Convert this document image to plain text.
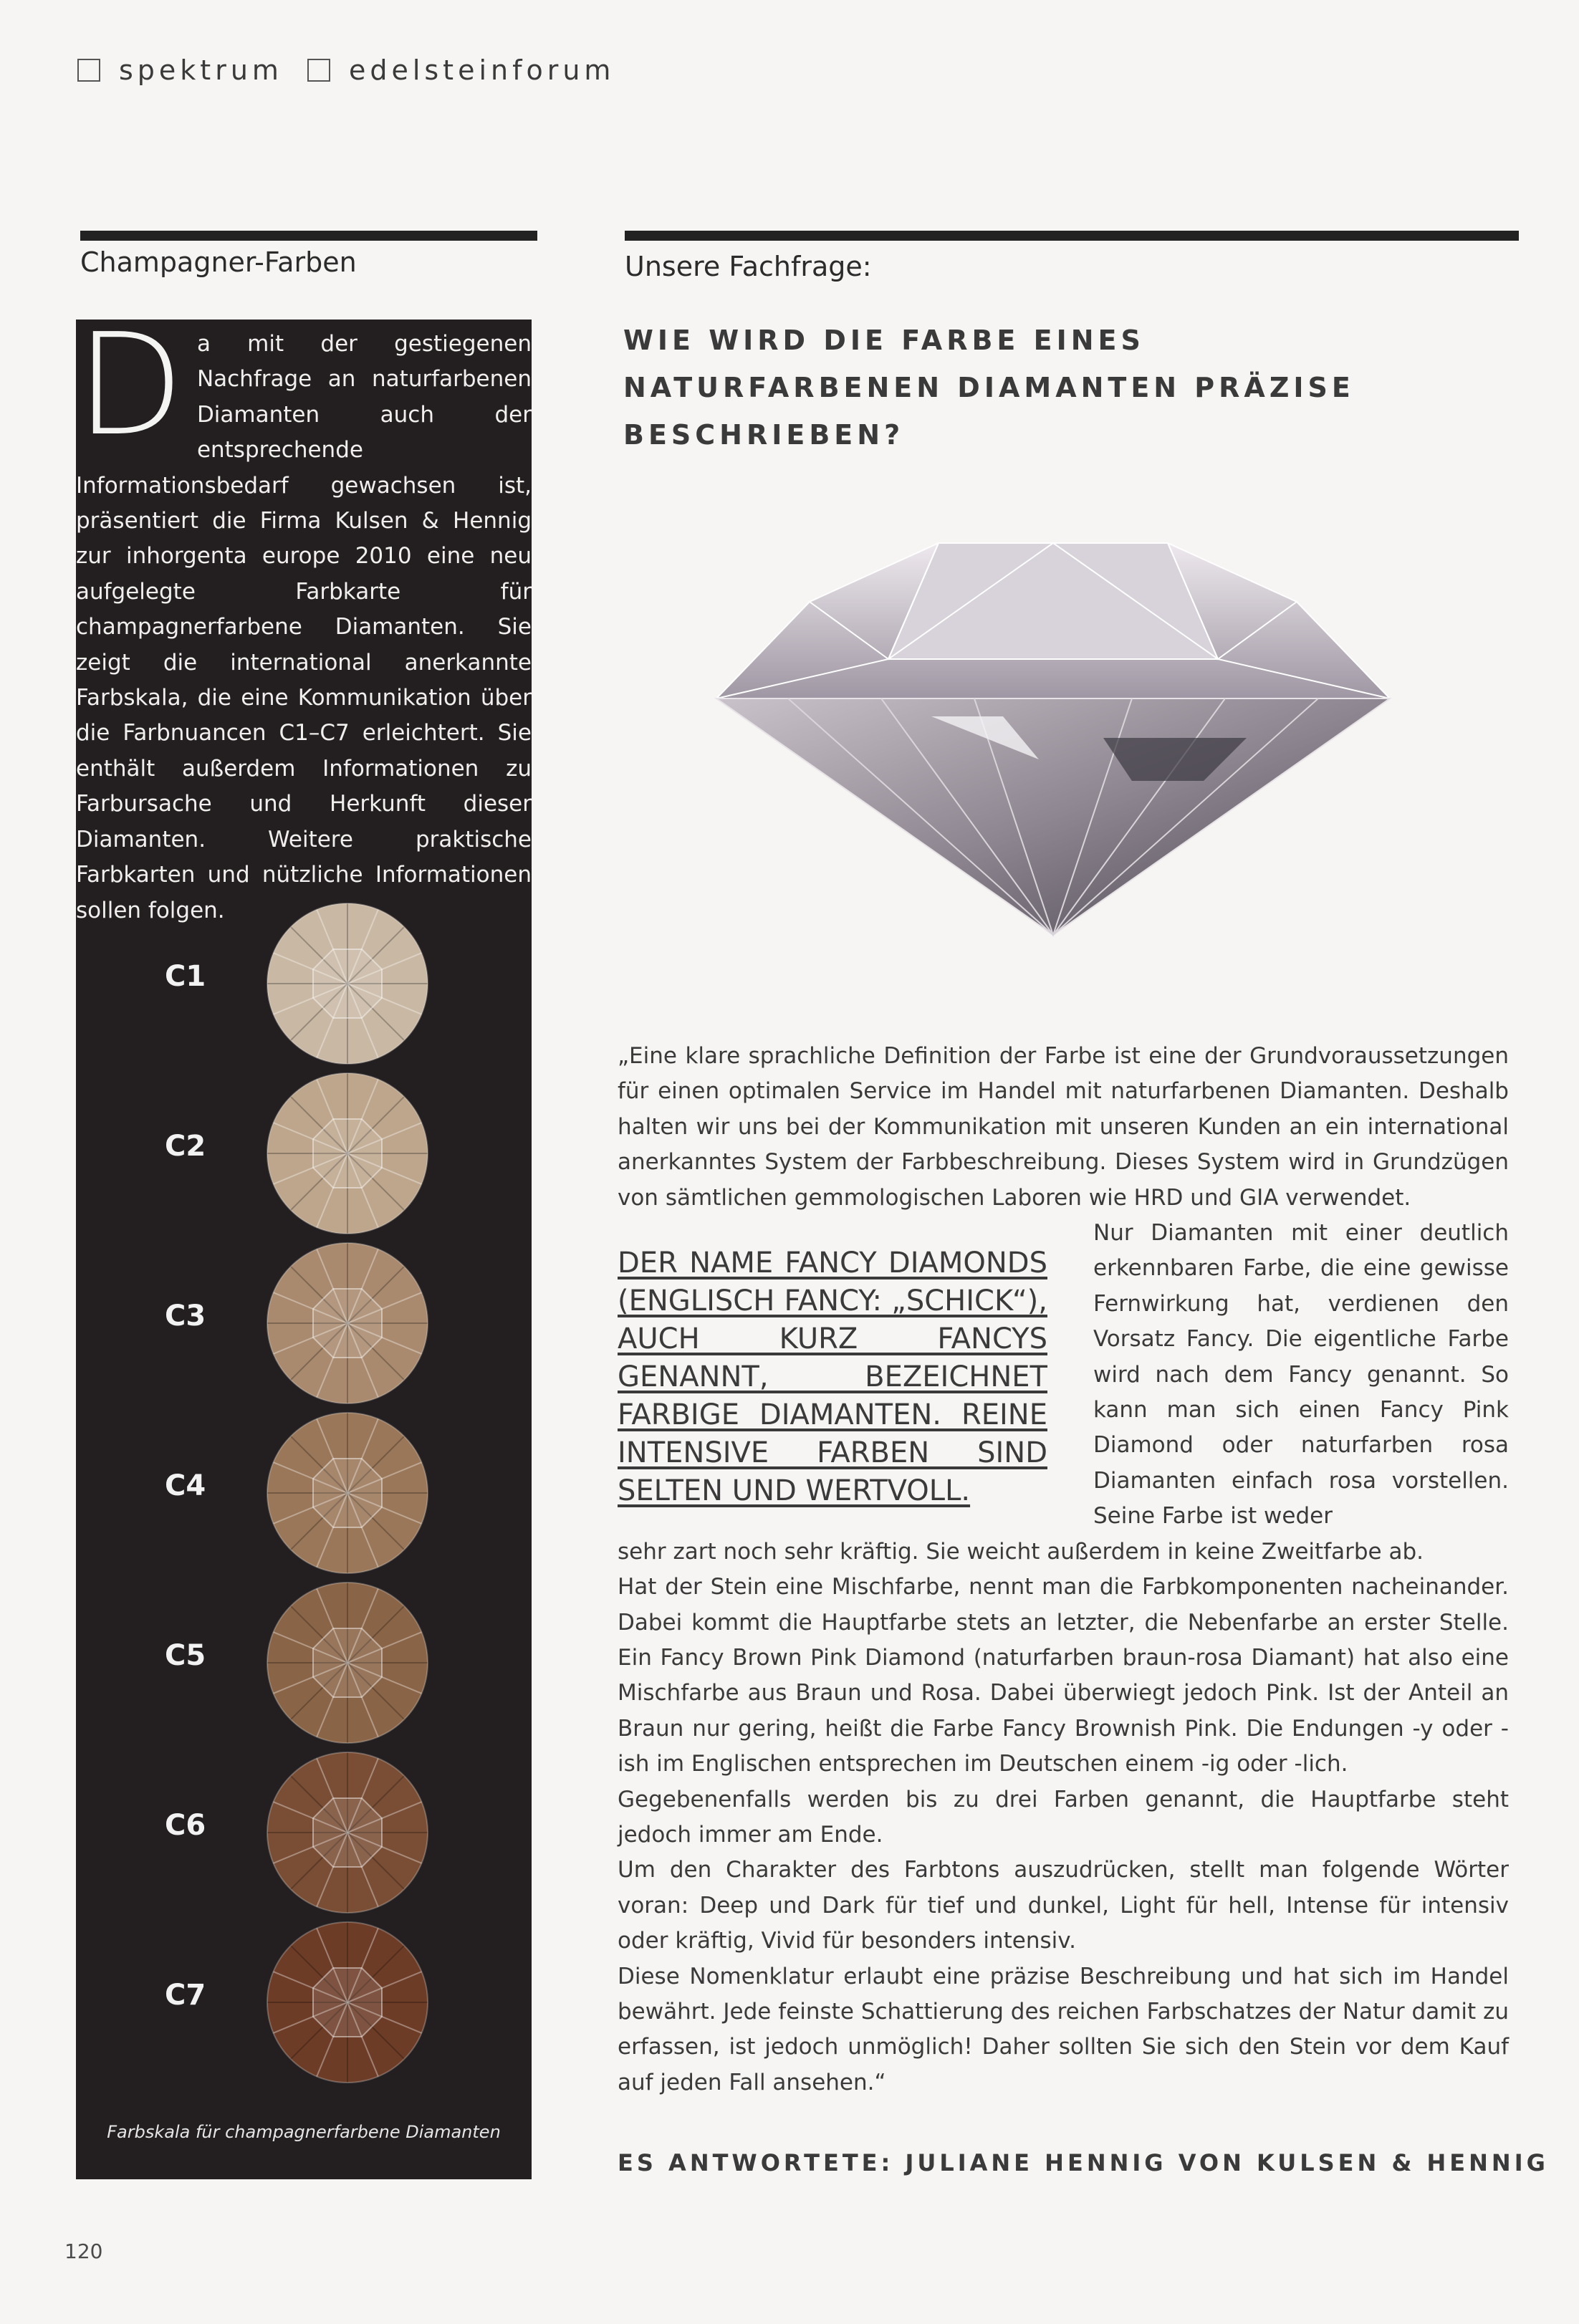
spektrum edelsteinforum
Champagner-Farben	Unsere Fachfrage:
WIE WIRD DIE FARBE EINES NATURFARBENEN DIAMANTEN PRÄZISE BESCHRIEBEN?
Da mit der gestiegenen Nachfrage an naturfarbenen Diamanten auch der entsprechende Informationsbedarf gewachsen ist, präsentiert die Firma Kulsen & Hennig zur inhorgenta europe 2010 eine neu aufgelegte Farbkarte für champagnerfarbene Diamanten. Sie zeigt die international anerkannte Farbskala, die eine Kommunikation über die Farbnuancen C1–C7 erleichtert. Sie enthält außerdem Informationen zu Farbursache und Herkunft dieser Diamanten. Weitere praktische Farbkarten und nützliche Informationen sollen folgen.
C1
C2
C3
C4
C5
C6
C7
Farbskala für champagnerfarbene Diamanten

„Eine klare sprachliche Definition der Farbe ist eine der Grundvoraussetzungen für einen optimalen Service im Handel mit naturfarbenen Diamanten. Deshalb halten wir uns bei der Kommunikation mit unseren Kunden an ein international anerkanntes System der Farbbeschreibung. Dieses System wird in Grundzügen von sämtlichen gemmologischen Laboren wie HRD und GIA verwendet.

Nur Diamanten mit einer deutlich erkennbaren Farbe, die eine gewisse Fernwirkung hat, verdienen den Vorsatz Fancy. Die eigentliche Farbe wird nach dem Fancy genannt. So kann man sich einen Fancy Pink Diamond oder naturfarben rosa Diamanten einfach rosa vorstellen. Seine Farbe ist weder
DER NAME FANCY DIAMONDS (ENGLISCH FANCY: „SCHICK“), AUCH KURZ FANCYS GENANNT, BEZEICHNET FARBIGE DIAMANTEN. REINE INTENSIVE FARBEN SIND SELTEN UND WERTVOLL.

sehr zart noch sehr kräftig. Sie weicht außerdem in keine Zweitfarbe ab.

Hat der Stein eine Mischfarbe, nennt man die Farbkomponenten nacheinander. Dabei kommt die Hauptfarbe stets an letzter, die Nebenfarbe an erster Stelle. Ein Fancy Brown Pink Diamond (naturfarben braun-rosa Diamant) hat also eine Mischfarbe aus Braun und Rosa. Dabei überwiegt jedoch Pink. Ist der Anteil an Braun nur gering, heißt die Farbe Fancy Brownish Pink. Die Endungen -y oder -ish im Englischen entsprechen im Deutschen einem -ig oder -lich.

Gegebenenfalls werden bis zu drei Farben genannt, die Hauptfarbe steht jedoch immer am Ende.

Um den Charakter des Farbtons auszudrücken, stellt man folgende Wörter voran: Deep und Dark für tief und dunkel, Light für hell, Intense für intensiv oder kräftig, Vivid für besonders intensiv.

Diese Nomenklatur erlaubt eine präzise Beschreibung und hat sich im Handel bewährt. Jede feinste Schattierung des reichen Farbschatzes der Natur damit zu erfassen, ist jedoch unmöglich! Daher sollten Sie sich den Stein vor dem Kauf auf jeden Fall ansehen.“

ES ANTWORTETE: JULIANE HENNIG VON KULSEN & HENNIG
120
